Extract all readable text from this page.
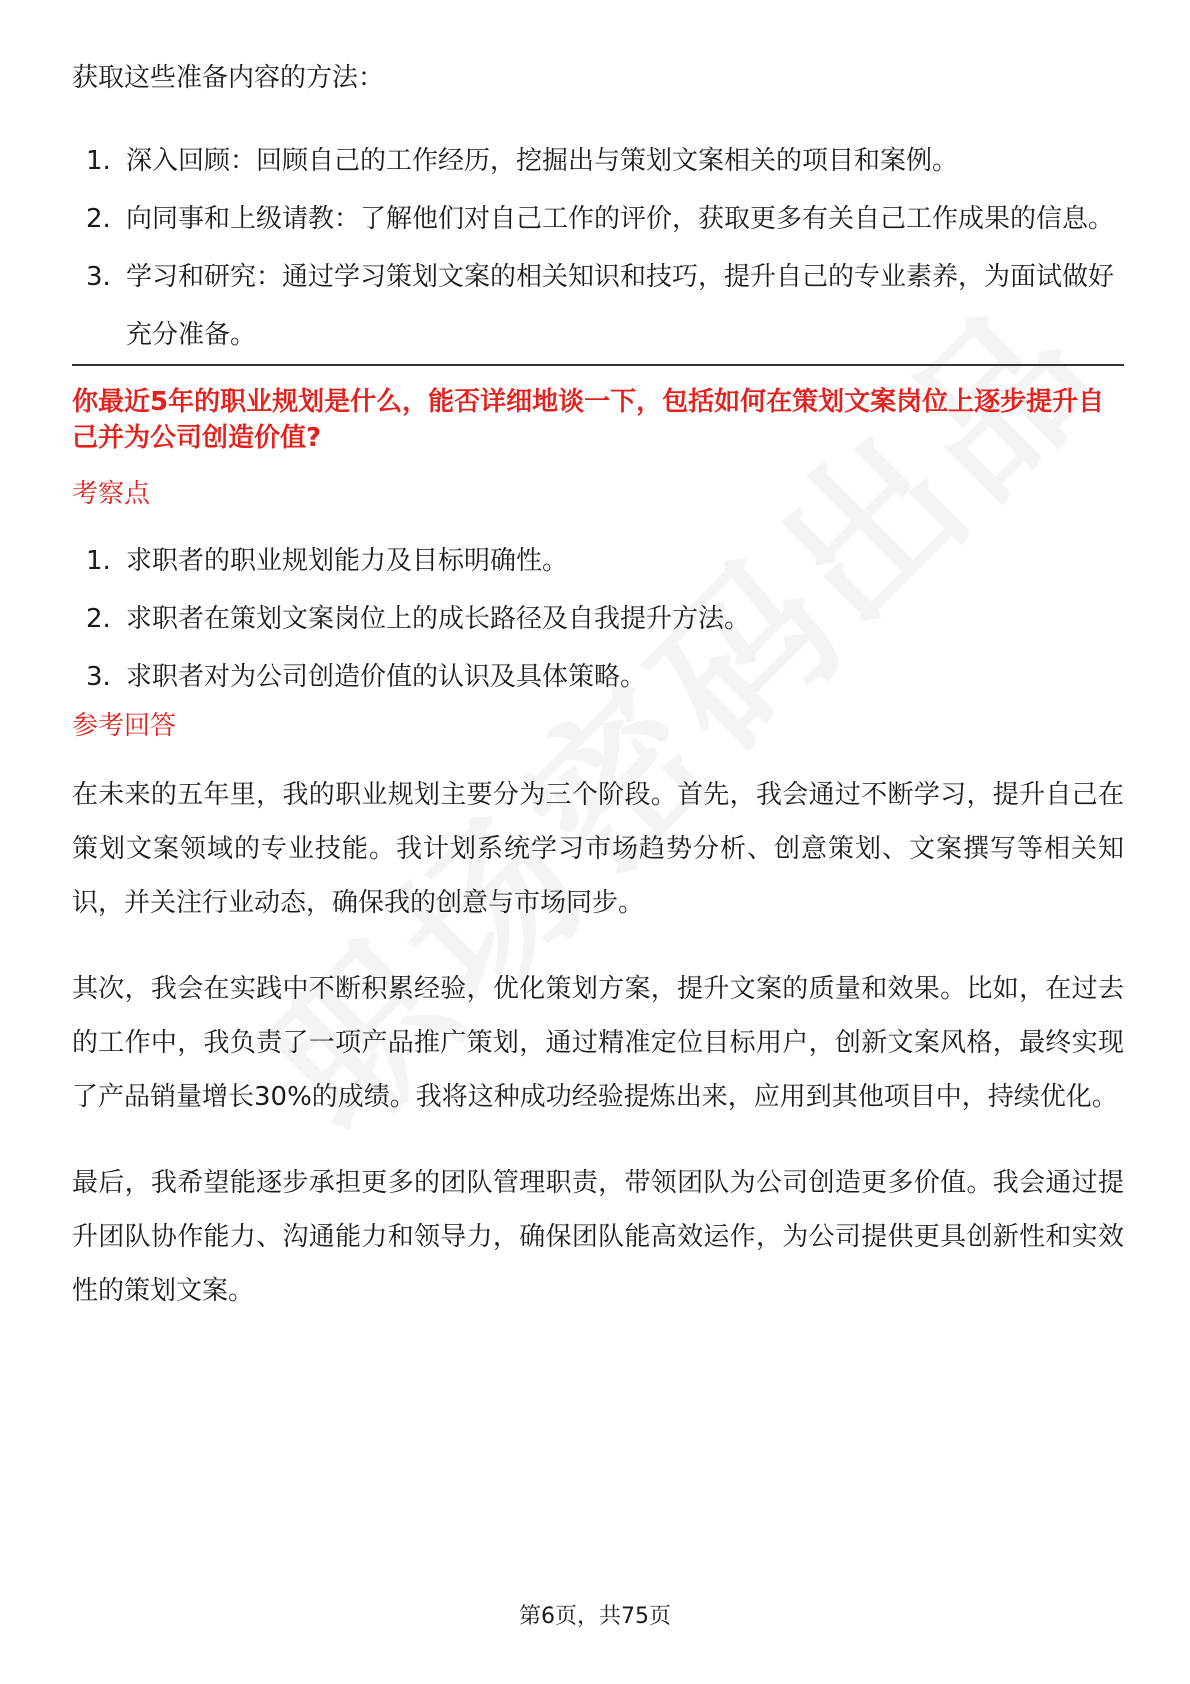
获取这些准备内容的方法：
1. 深入回顾：回顾自己的工作经历，挖掘出与策划文案相关的项目和案例。
2. 向同事和上级请教：了解他们对自己工作的评价，获取更多有关自己工作成果的信息。
3. 学习和研究：通过学习策划文案的相关知识和技巧，提升自己的专业素养，为面试做好充分准备。
你最近5年的职业规划是什么，能否详细地谈一下，包括如何在策划文案岗位上逐步提升自己并为公司创造价值?
考察点
1. 求职者的职业规划能力及目标明确性。
2. 求职者在策划文案岗位上的成长路径及自我提升方法。
3. 求职者对为公司创造价值的认识及具体策略。
参考回答

在未来的五年里，我的职业规划主要分为三个阶段。首先，我会通过不断学习，提升自己在策划文案领域的专业技能。我计划系统学习市场趋势分析、创意策划、文案撰写等相关知识，并关注行业动态，确保我的创意与市场同步。

其次，我会在实践中不断积累经验，优化策划方案，提升文案的质量和效果。比如，在过去的工作中，我负责了一项产品推广策划，通过精准定位目标用户，创新文案风格，最终实现了产品销量增长30%的成绩。我将这种成功经验提炼出来，应用到其他项目中，持续优化。

最后，我希望能逐步承担更多的团队管理职责，带领团队为公司创造更多价值。我会通过提升团队协作能力、沟通能力和领导力，确保团队能高效运作，为公司提供更具创新性和实效性的策划文案。

第6页，共75页
